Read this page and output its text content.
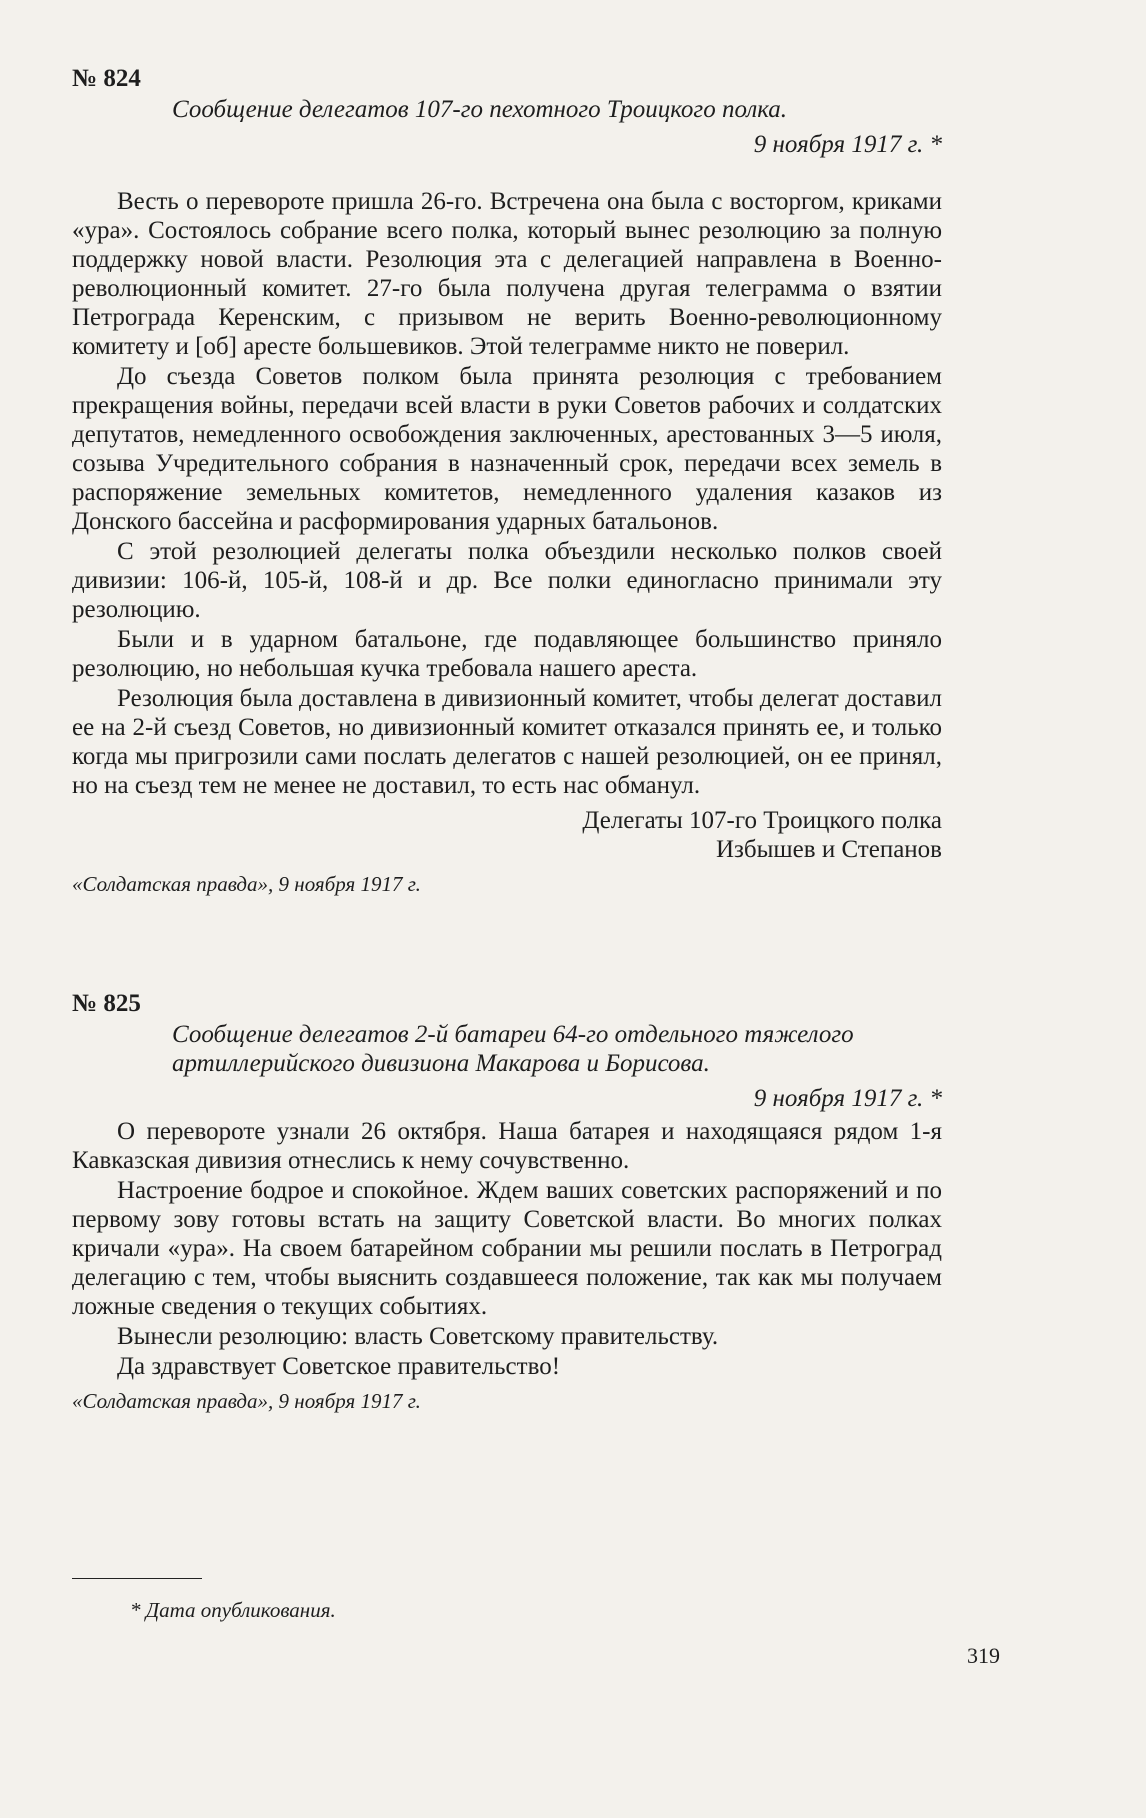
№ 824

Сообщение делегатов 107-го пехотного Троицкого полка.

9 ноября 1917 г. *

Весть о перевороте пришла 26-го. Встречена она была с восторгом, криками «ура». Состоялось собрание всего полка, который вынес резолюцию за полную поддержку новой власти. Резолюция эта с делегацией направлена в Военно-революционный комитет. 27-го была получена другая телеграмма о взятии Петрограда Керенским, с призывом не верить Военно-революционному комитету и [об] аресте большевиков. Этой телеграмме никто не поверил.

До съезда Советов полком была принята резолюция с требованием прекращения войны, передачи всей власти в руки Советов рабочих и солдатских депутатов, немедленного освобождения заключенных, арестованных 3—5 июля, созыва Учредительного собрания в назначенный срок, передачи всех земель в распоряжение земельных комитетов, немедленного удаления казаков из Донского бассейна и расформирования ударных батальонов.

С этой резолюцией делегаты полка объездили несколько полков своей дивизии: 106-й, 105-й, 108-й и др. Все полки единогласно принимали эту резолюцию.

Были и в ударном батальоне, где подавляющее большинство приняло резолюцию, но небольшая кучка требовала нашего ареста.

Резолюция была доставлена в дивизионный комитет, чтобы делегат доставил ее на 2-й съезд Советов, но дивизионный комитет отказался принять ее, и только когда мы пригрозили сами послать делегатов с нашей резолюцией, он ее принял, но на съезд тем не менее не доставил, то есть нас обманул.

Делегаты 107-го Троицкого полка

Избышев и Степанов

«Солдатская правда», 9 ноября 1917 г.

№ 825

Сообщение делегатов 2-й батареи 64-го отдельного тяжелого артиллерийского дивизиона Макарова и Борисова.

9 ноября 1917 г. *

О перевороте узнали 26 октября. Наша батарея и находящаяся рядом 1-я Кавказская дивизия отнеслись к нему сочувственно.

Настроение бодрое и спокойное. Ждем ваших советских распоряжений и по первому зову готовы встать на защиту Советской власти. Во многих полках кричали «ура». На своем батарейном собрании мы решили послать в Петроград делегацию с тем, чтобы выяснить создавшееся положение, так как мы получаем ложные сведения о текущих событиях.

Вынесли резолюцию: власть Советскому правительству.

Да здравствует Советское правительство!

«Солдатская правда», 9 ноября 1917 г.

* Дата опубликования.
319
